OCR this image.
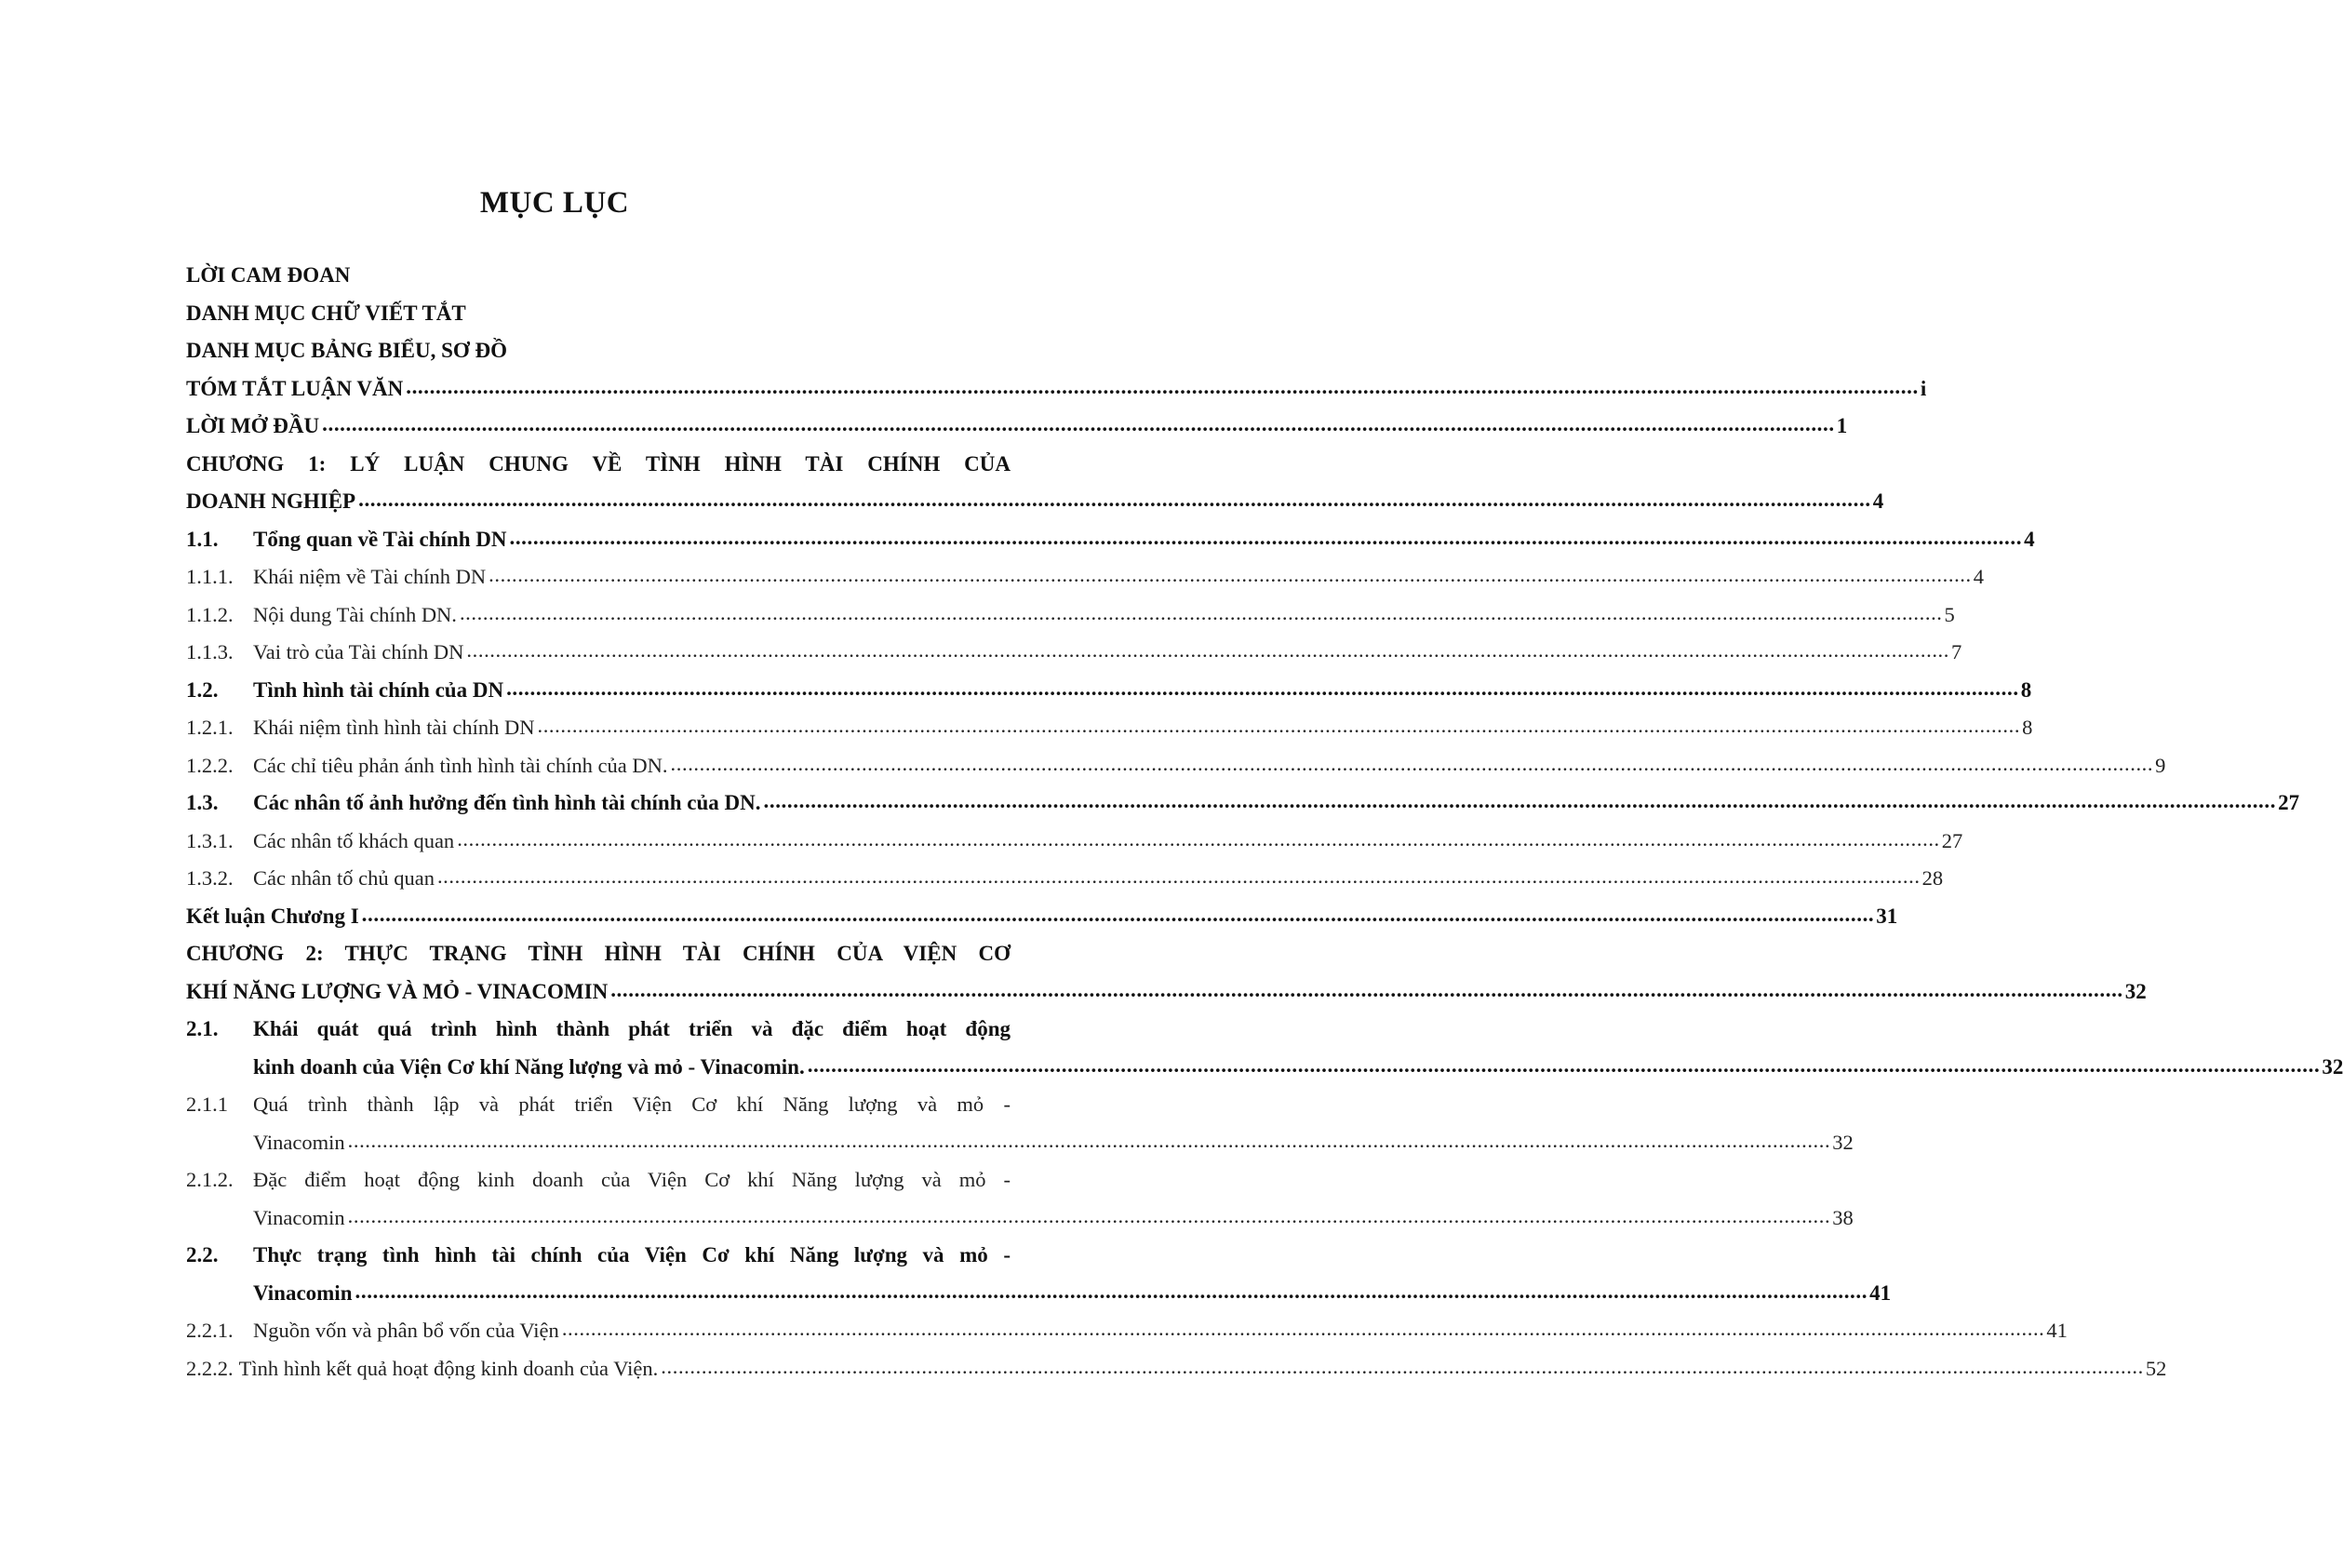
MỤC LỤC
LỜI CAM ĐOAN
DANH MỤC CHỮ VIẾT TẮT
DANH MỤC BẢNG BIỂU, SƠ ĐỒ
TÓM TẮT LUẬN VĂN .....	i
LỜI MỞ ĐẦU .....	1
CHƯƠNG 1: LÝ LUẬN CHUNG VỀ TÌNH HÌNH TÀI CHÍNH CỦA
DOANH NGHIỆP .....	4
1.1.	Tổng quan về Tài chính DN .....	4
1.1.1. Khái niệm về Tài chính DN .....	4
1.1.2. Nội dung Tài chính DN. .....	5
1.1.3. Vai trò của Tài chính DN .....	7
1.2.	Tình hình tài chính của DN .....	8
1.2.1. Khái niệm tình hình tài chính DN .....	8
1.2.2. Các chỉ tiêu phản ánh tình hình tài chính của DN. .....	9
1.3.	Các nhân tố ảnh hưởng đến tình hình tài chính của DN. .....	27
1.3.1. Các nhân tố khách quan .....	27
1.3.2. Các nhân tố chủ quan .....	28
Kết luận Chương I .....	31
CHƯƠNG 2: THỰC TRẠNG TÌNH HÌNH TÀI CHÍNH CỦA VIỆN CƠ
KHÍ NĂNG LƯỢNG VÀ MỎ - VINACOMIN .....	32
2.1.	Khái quát quá trình hình thành phát triển và đặc điểm hoạt động
kinh doanh của Viện Cơ khí Năng lượng và mỏ - Vinacomin. .....	32
2.1.1	Quá trình thành lập và phát triển Viện Cơ khí Năng lượng và mỏ -
Vinacomin .....	32
2.1.2. Đặc điểm hoạt động kinh doanh của Viện Cơ khí Năng lượng và mỏ -
Vinacomin .....	38
2.2.	Thực trạng tình hình tài chính của Viện Cơ khí Năng lượng và mỏ -
Vinacomin .....	41
2.2.1. Nguồn vốn và phân bổ vốn của Viện .....	41
2.2.2. Tình hình kết quả hoạt động kinh doanh của Viện. .....	52
